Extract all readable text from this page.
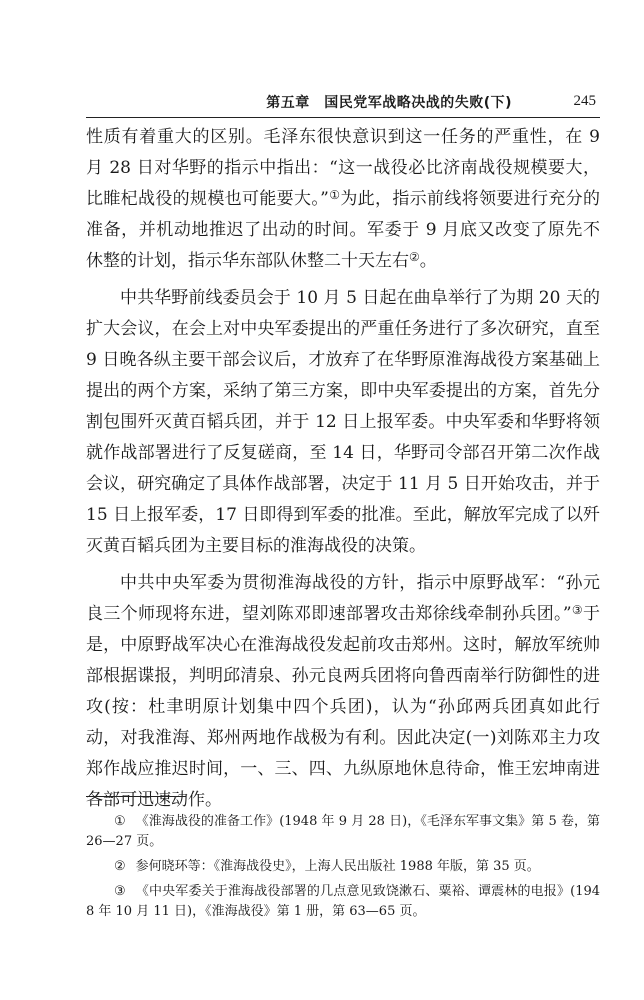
第五章　国民党军战略决战的失败(下)	245

性质有着重大的区别。毛泽东很快意识到这一任务的严重性，在 9 月 28 日对华野的指示中指出：“这一战役必比济南战役规模要大，比睢杞战役的规模也可能要大。”①为此，指示前线将领要进行充分的准备，并机动地推迟了出动的时间。军委于 9 月底又改变了原先不休整的计划，指示华东部队休整二十天左右②。

中共华野前线委员会于 10 月 5 日起在曲阜举行了为期 20 天的扩大会议，在会上对中央军委提出的严重任务进行了多次研究，直至 9 日晚各纵主要干部会议后，才放弃了在华野原淮海战役方案基础上提出的两个方案，采纳了第三方案，即中央军委提出的方案，首先分割包围歼灭黄百韬兵团，并于 12 日上报军委。中央军委和华野将领就作战部署进行了反复磋商，至 14 日，华野司令部召开第二次作战会议，研究确定了具体作战部署，决定于 11 月 5 日开始攻击，并于 15 日上报军委，17 日即得到军委的批准。至此，解放军完成了以歼灭黄百韬兵团为主要目标的淮海战役的决策。

中共中央军委为贯彻淮海战役的方针，指示中原野战军：“孙元良三个师现将东进，望刘陈邓即速部署攻击郑徐线牵制孙兵团。”③于是，中原野战军决心在淮海战役发起前攻击郑州。这时，解放军统帅部根据谍报，判明邱清泉、孙元良两兵团将向鲁西南举行防御性的进攻(按：杜聿明原计划集中四个兵团)，认为“孙邱两兵团真如此行动，对我淮海、郑州两地作战极为有利。因此决定(一)刘陈邓主力攻郑作战应推迟时间，一、三、四、九纵原地休息待命，惟王宏坤南进各部可迅速动作。

① 《淮海战役的准备工作》(1948 年 9 月 28 日)，《毛泽东军事文集》第 5 卷，第 26—27 页。

② 参何晓环等：《淮海战役史》，上海人民出版社 1988 年版，第 35 页。

③ 《中央军委关于淮海战役部署的几点意见致饶漱石、粟裕、谭震林的电报》(1948 年 10 月 11 日)，《淮海战役》第 1 册，第 63—65 页。
